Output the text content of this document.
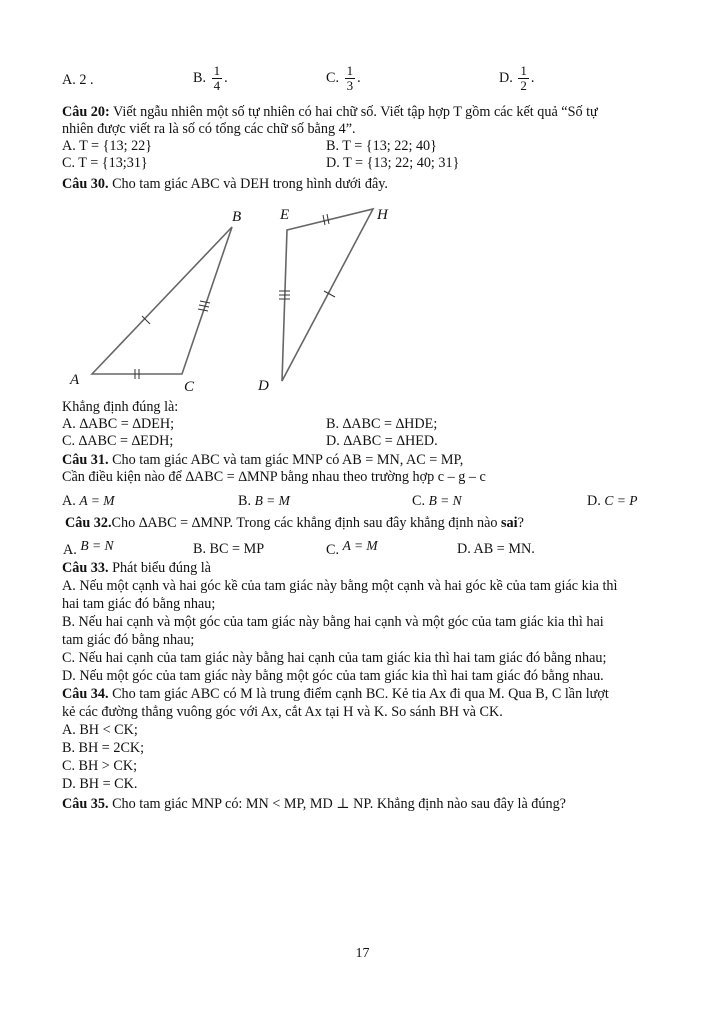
A. 2 .	B. $\frac{1}{4}$ .	C. $\frac{1}{3}$ .	D. $\frac{1}{2}$ .
Câu 20: Viết ngẫu nhiên một số tự nhiên có hai chữ số. Viết tập hợp T gồm các kết quả “Số tự
nhiên được viết ra là số có tổng các chữ số bằng 4”.
A. T = {13; 22}	B. T = {13; 22; 40}
C. T = {13;31}	D. T = {13; 22; 40; 31}
Câu 30. Cho tam giác ABC và DEH trong hình dưới đây.
B
A	C
E	H
D
Khẳng định đúng là:
A. ∆ABC = ∆DEH;	B. ∆ABC = ∆HDE;
C. ∆ABC = ∆EDH;	D. ∆ABC = ∆HED.
Câu 31. Cho tam giác ABC và tam giác MNP có AB = MN, AC = MP,
Cần điều kiện nào để ∆ABC = ∆MNP bằng nhau theo trường hợp c – g – c
A. A = M	B. B = M	C. B = N	D. C = P
Câu 32.Cho ∆ABC = ∆MNP. Trong các khẳng định sau đây khẳng định nào sai?
A. B = N	B. BC = MP	C. A = M	D. AB = MN.
Câu 33. Phát biểu đúng là
A. Nếu một cạnh và hai góc kề của tam giác này bằng một cạnh và hai góc kề của tam giác kia thì
hai tam giác đó bằng nhau;
B. Nếu hai cạnh và một góc của tam giác này bằng hai cạnh và một góc của tam giác kia thì hai
tam giác đó bằng nhau;
C. Nếu hai cạnh của tam giác này bằng hai cạnh của tam giác kia thì hai tam giác đó bằng nhau;
D. Nếu một góc của tam giác này bằng một góc của tam giác kia thì hai tam giác đó bằng nhau.
Câu 34. Cho tam giác ABC có M là trung điểm cạnh BC. Kẻ tia Ax đi qua M. Qua B, C lần lượt
kẻ các đường thẳng vuông góc với Ax, cắt Ax tại H và K. So sánh BH và CK.
A. BH < CK;
B. BH = 2CK;
C. BH > CK;
D. BH = CK.
Câu 35. Cho tam giác MNP có: MN < MP, MD ⊥ NP. Khẳng định nào sau đây là đúng?
17
